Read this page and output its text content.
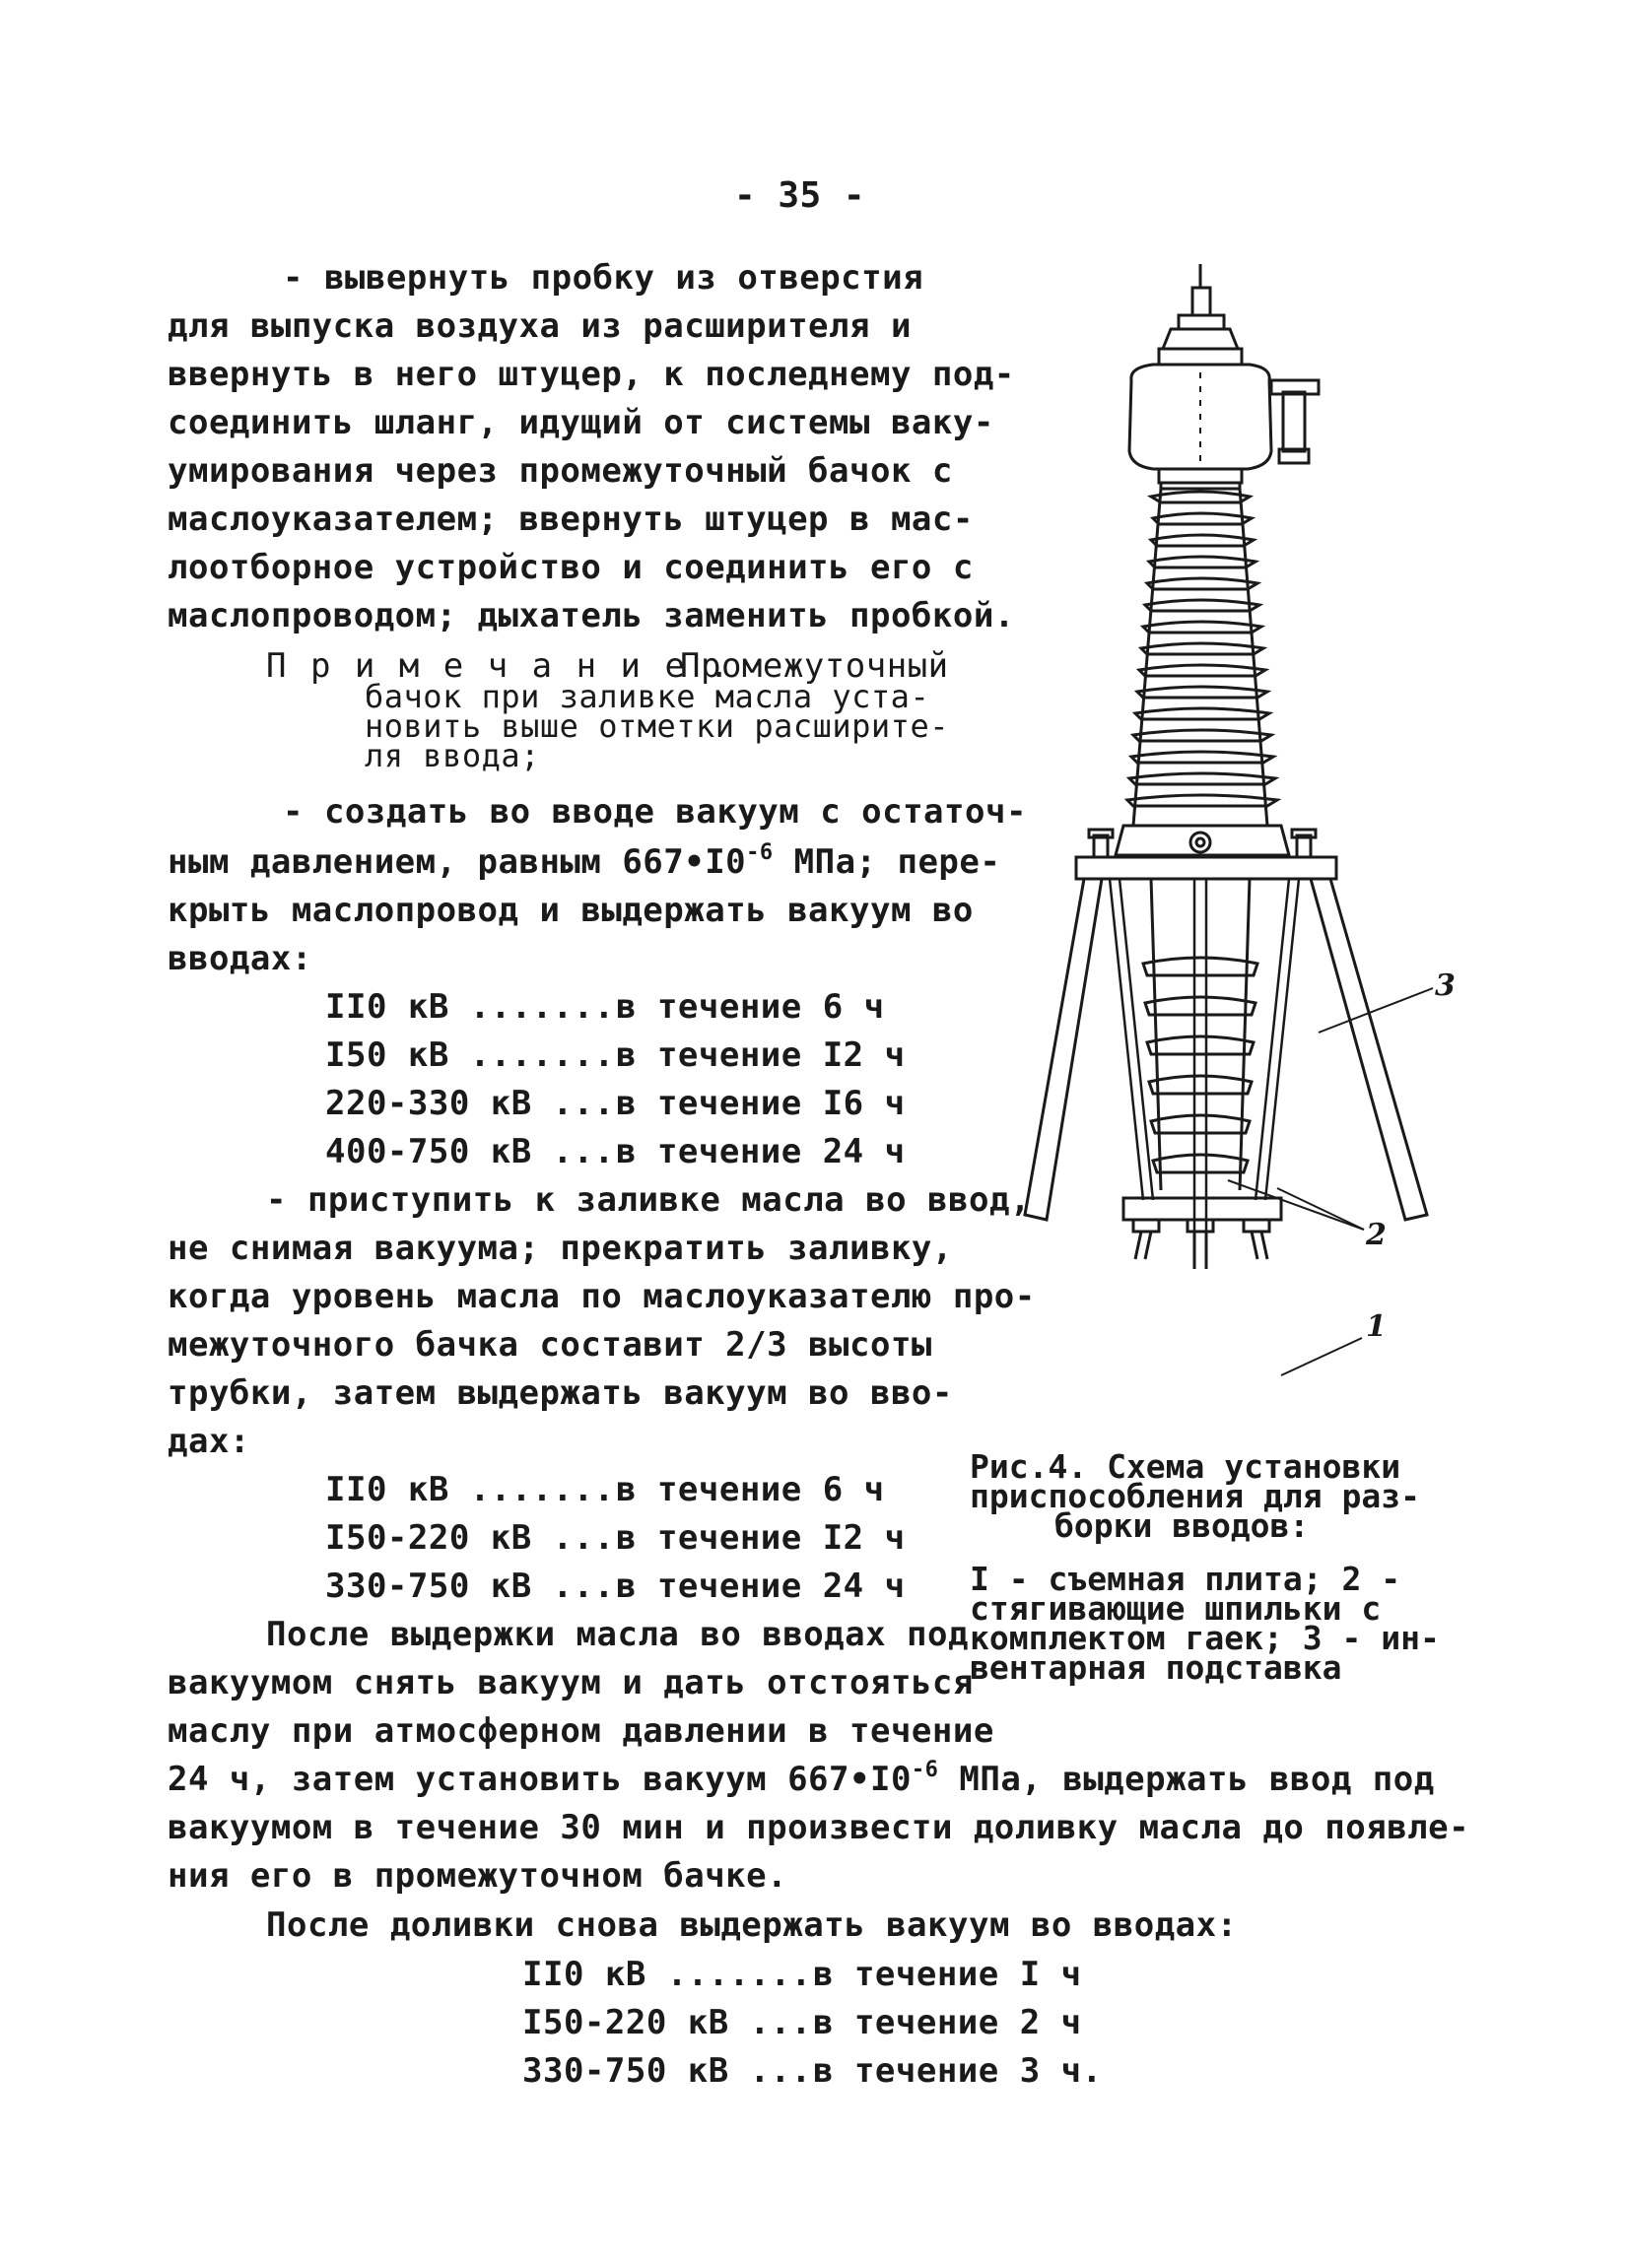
- 35 -
- вывернуть пробку из отверстия
для выпуска воздуха из расширителя и
ввернуть в него штуцер, к последнему под-
соединить шланг, идущий от системы ваку-
умирования через промежуточный бачок с
маслоуказателем; ввернуть штуцер в мас-
лоотборное устройство и соединить его с
маслопроводом; дыхатель заменить пробкой.
П р и м е ч а н и е .
Промежуточный
бачок при заливке масла уста-
новить выше отметки расширите-
ля ввода;
- создать во вводе вакуум с остаточ-
ным давлением, равным $667•I0^{-6}$ МПа; пере-
крыть маслопровод и выдержать вакуум во
вводах:
II0 кВ .......в течение 6 ч
I50 кВ .......в течение I2 ч
220-330 кВ ...в течение I6 ч
400-750 кВ ...в течение 24 ч
- приступить к заливке масла во ввод,
не снимая вакуума; прекратить заливку,
когда уровень масла по маслоуказателю про-
межуточного бачка составит 2/3 высоты
трубки, затем выдержать вакуум во вво-
дах:
II0 кВ .......в течение 6 ч
I50-220 кВ ...в течение I2 ч
330-750 кВ ...в течение 24 ч
После выдержки масла во вводах под
вакуумом снять вакуум и дать отстояться
маслу при атмосферном давлении в течение
24 ч, затем установить вакуум $667•I0^{-6}$ МПа, выдержать ввод под
вакуумом в течение 30 мин и произвести доливку масла до появле-
ния его в промежуточном бачке.
После доливки снова выдержать вакуум во вводах:
II0 кВ .......в течение I ч
I50-220 кВ ...в течение 2 ч
330-750 кВ ...в течение 3 ч.
3
2
1
Рис.4. Схема установки
приспособления для раз-
борки вводов:
I - съемная плита; 2 -
стягивающие шпильки с
комплектом гаек; 3 - ин-
вентарная подставка
